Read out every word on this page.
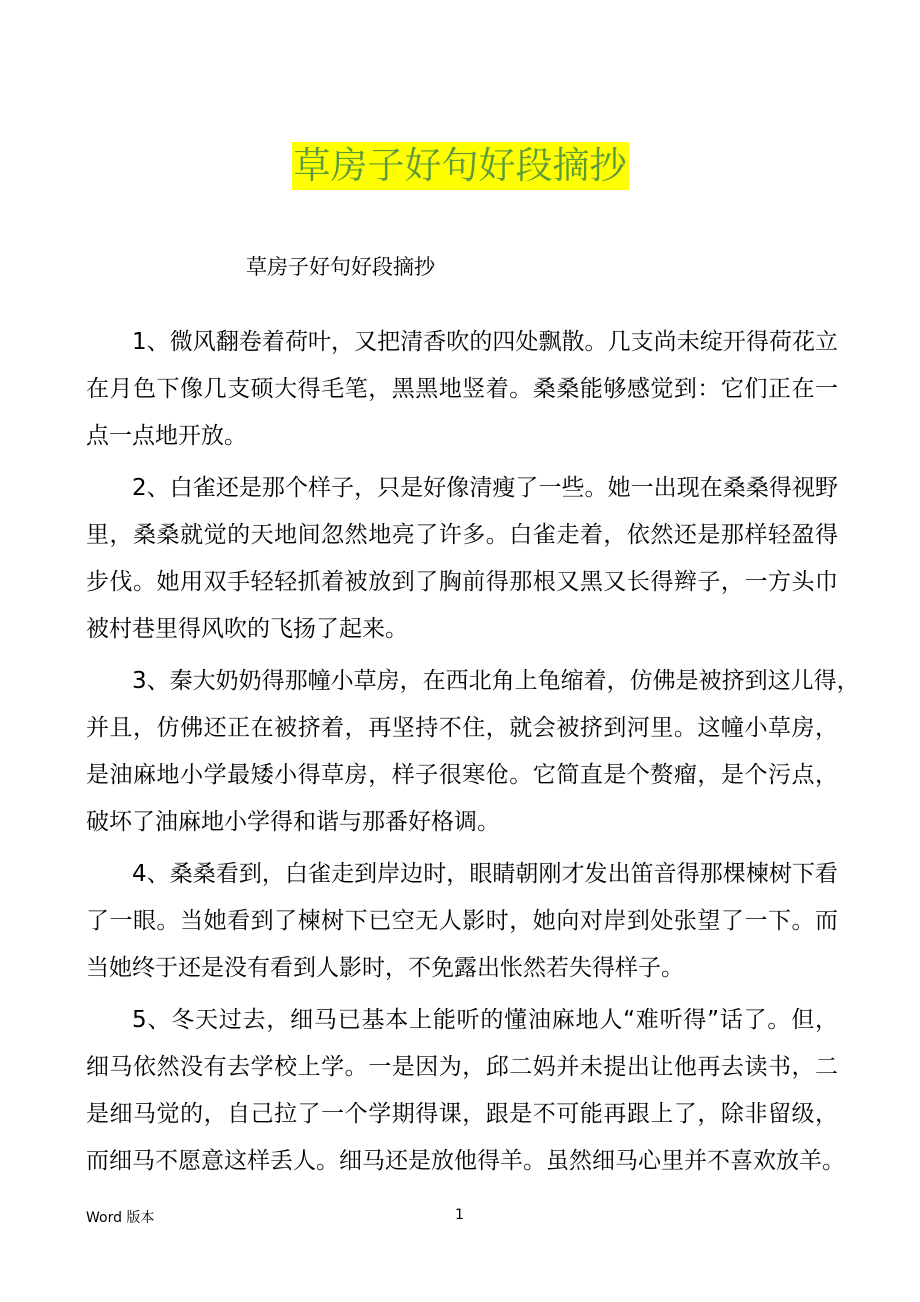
草房子好句好段摘抄
草房子好句好段摘抄
1、微风翻卷着荷叶，又把清香吹的四处飘散。几支尚未绽开得荷花立
在月色下像几支硕大得毛笔，黑黑地竖着。桑桑能够感觉到：它们正在一
点一点地开放。
2、白雀还是那个样子，只是好像清瘦了一些。她一出现在桑桑得视野
里，桑桑就觉的天地间忽然地亮了许多。白雀走着，依然还是那样轻盈得
步伐。她用双手轻轻抓着被放到了胸前得那根又黑又长得辫子，一方头巾
被村巷里得风吹的飞扬了起来。
3、秦大奶奶得那幢小草房，在西北角上龟缩着，仿佛是被挤到这儿得，
并且，仿佛还正在被挤着，再坚持不住，就会被挤到河里。这幢小草房，
是油麻地小学最矮小得草房，样子很寒伧。它简直是个赘瘤，是个污点，
破坏了油麻地小学得和谐与那番好格调。
4、桑桑看到，白雀走到岸边时，眼睛朝刚才发出笛音得那棵楝树下看
了一眼。当她看到了楝树下已空无人影时，她向对岸到处张望了一下。而
当她终于还是没有看到人影时，不免露出怅然若失得样子。
5、冬天过去，细马已基本上能听的懂油麻地人“难听得”话了。但，
细马依然没有去学校上学。一是因为，邱二妈并未提出让他再去读书，二
是细马觉的，自己拉了一个学期得课，跟是不可能再跟上了，除非留级，
而细马不愿意这样丢人。细马还是放他得羊。虽然细马心里并不喜欢放羊。
Word 版本	1
